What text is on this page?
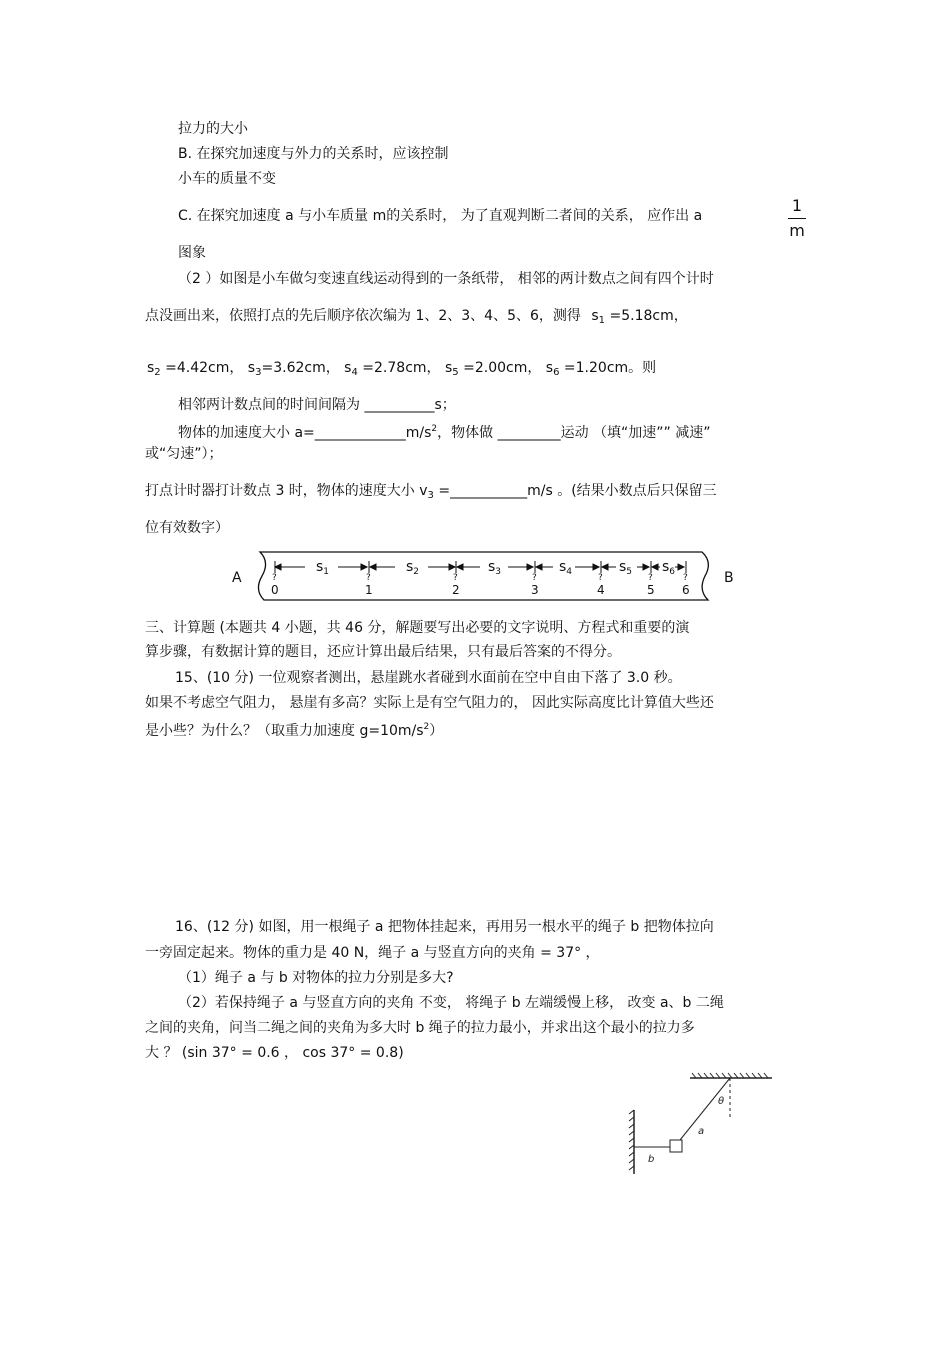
拉力的大小
B. 在探究加速度与外力的关系时，应该控制
小车的质量不变
C. 在探究加速度 a 与小车质量 m的关系时， 为了直观判断二者间的关系， 应作出 a
1
m
图象
（2 ）如图是小车做匀变速直线运动得到的一条纸带， 相邻的两计数点之间有四个计时
点没画出来，依照打点的先后顺序依次编为 1、2、3、4、5、6，测得 $s_1 =5.18cm$，
$s_2 =4.42cm$， $s_3=3.62cm$， $s_4 =2.78cm$， $s_5 =2.00cm$， $s_6 =1.20cm$。则
相邻两计数点间的时间间隔为 __________s；
物体的加速度大小 $a=\_\_\_\_\_\_\_\_\_\_\_\_\_m/s^2$，物体做 _________运动 （填“加速”” 减速”
或“匀速”）；
打点计时器打计数点 3 时，物体的速度大小 $v_3$ =___________m/s 。(结果小数点后只保留三
位有效数字）
A	B
$s_1$	$s_2$	$s_3$	$s_4$	$s_5$ $s_6$
?	?	?	?	?	?	?
0	1	2	3	4	5 6
三、计算题 (本题共 4 小题，共 46 分，解题要写出必要的文字说明、方程式和重要的演
算步骤，有数据计算的题目，还应计算出最后结果，只有最后答案的不得分。
15、(10 分) 一位观察者测出，悬崖跳水者碰到水面前在空中自由下落了 3.0 秒。
如果不考虑空气阻力， 悬崖有多高？实际上是有空气阻力的， 因此实际高度比计算值大些还
是小些？为什么？（取重力加速度 $g=10m/s^2$）
16、(12 分) 如图，用一根绳子 a 把物体挂起来，再用另一根水平的绳子 b 把物体拉向
一旁固定起来。物体的重力是 40 N，绳子 a 与竖直方向的夹角 = 37° ，
（1）绳子 a 与 b 对物体的拉力分别是多大?
（2）若保持绳子 a 与竖直方向的夹角 不变， 将绳子 b 左端缓慢上移， 改变 a、b 二绳
之间的夹角，问当二绳之间的夹角为多大时 b 绳子的拉力最小，并求出这个最小的拉力多
大 ？ (sin 37° = 0.6 ， cos 37° = 0.8)
θ
a
b
